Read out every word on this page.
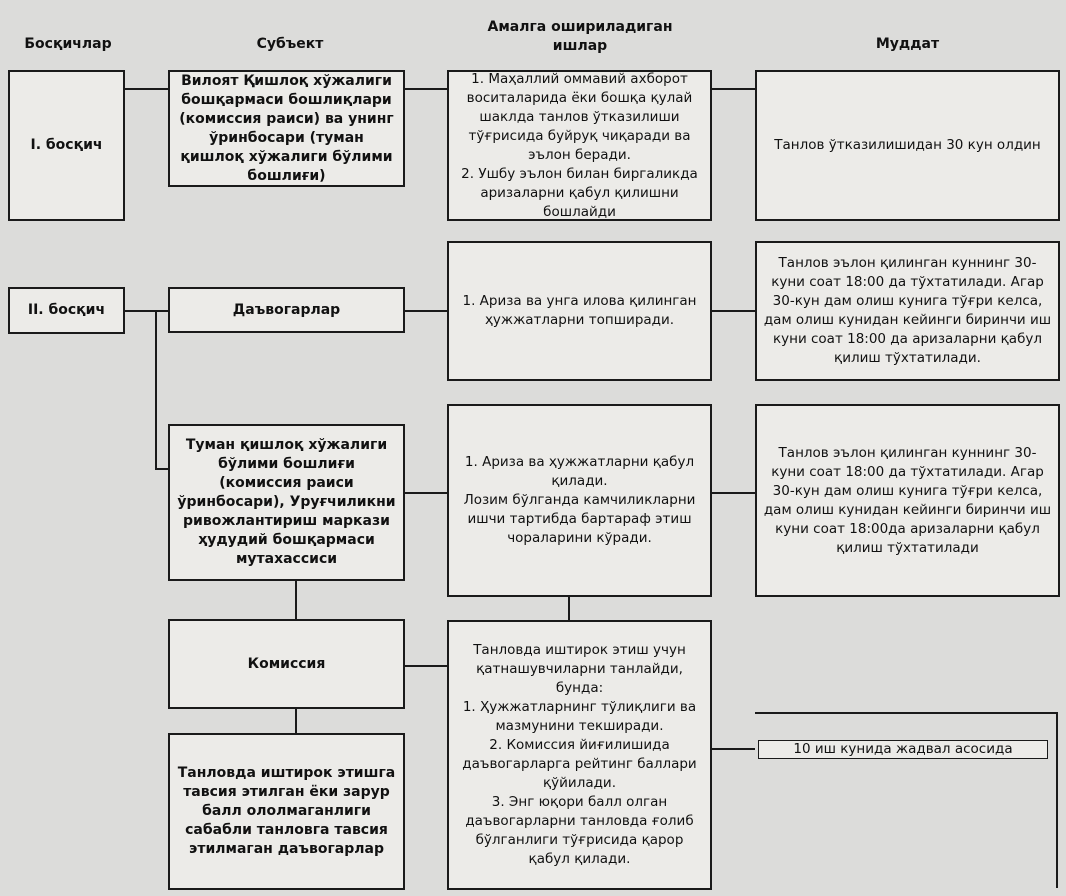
Босқичлар	Субъект
Амалга ошириладиган
ишлар	Муддат
I. босқич
II. босқич
Вилоят Қишлоқ хўжалиги бошқармаси бошлиқлари (комиссия раиси) ва унинг ўринбосари (туман қишлоқ хўжалиги бўлими бошлиғи)
Даъвогарлар
Туман қишлоқ хўжалиги бўлими бошлиғи (комиссия раиси ўринбосари), Уруғчиликни ривожлантириш маркази ҳудудий бошқармаси мутахассиси
Комиссия
Танловда иштирок этишга тавсия этилган ёки зарур балл ололмаганлиги сабабли танловга тавсия этилмаган даъвогарлар
1. Маҳаллий оммавий ахборот воситаларида ёки бошқа қулай шаклда танлов ўтказилиши тўғрисида буйруқ чиқаради ва эълон беради.
2. Ушбу эълон билан биргаликда аризаларни қабул қилишни бошлайди
1. Ариза ва унга илова қилинган ҳужжатларни топширади.
1. Ариза ва ҳужжатларни қабул қилади.
Лозим бўлганда камчиликларни ишчи тартибда бартараф этиш чораларини кўради.
Танловда иштирок этиш учун қатнашувчиларни танлайди, бунда:
1. Ҳужжатларнинг тўлиқлиги ва мазмунини текширади.
2. Комиссия йиғилишида даъвогарларга рейтинг баллари қўйилади.
3. Энг юқори балл олган даъвогарларни танловда ғолиб бўлганлиги тўғрисида қарор қабул қилади.
Танлов ўтказилишидан 30 кун олдин
Танлов эълон қилинган куннинг 30-куни соат 18:00 да тўхтатилади. Агар 30-кун дам олиш кунига тўғри келса, дам олиш кунидан кейинги биринчи иш куни соат 18:00 да аризаларни қабул қилиш тўхтатилади.
Танлов эълон қилинган куннинг 30-куни соат 18:00 да тўхтатилади. Агар 30-кун дам олиш кунига тўғри келса, дам олиш кунидан кейинги биринчи иш куни соат 18:00да аризаларни қабул қилиш тўхтатилади
10 иш кунида жадвал асосида
